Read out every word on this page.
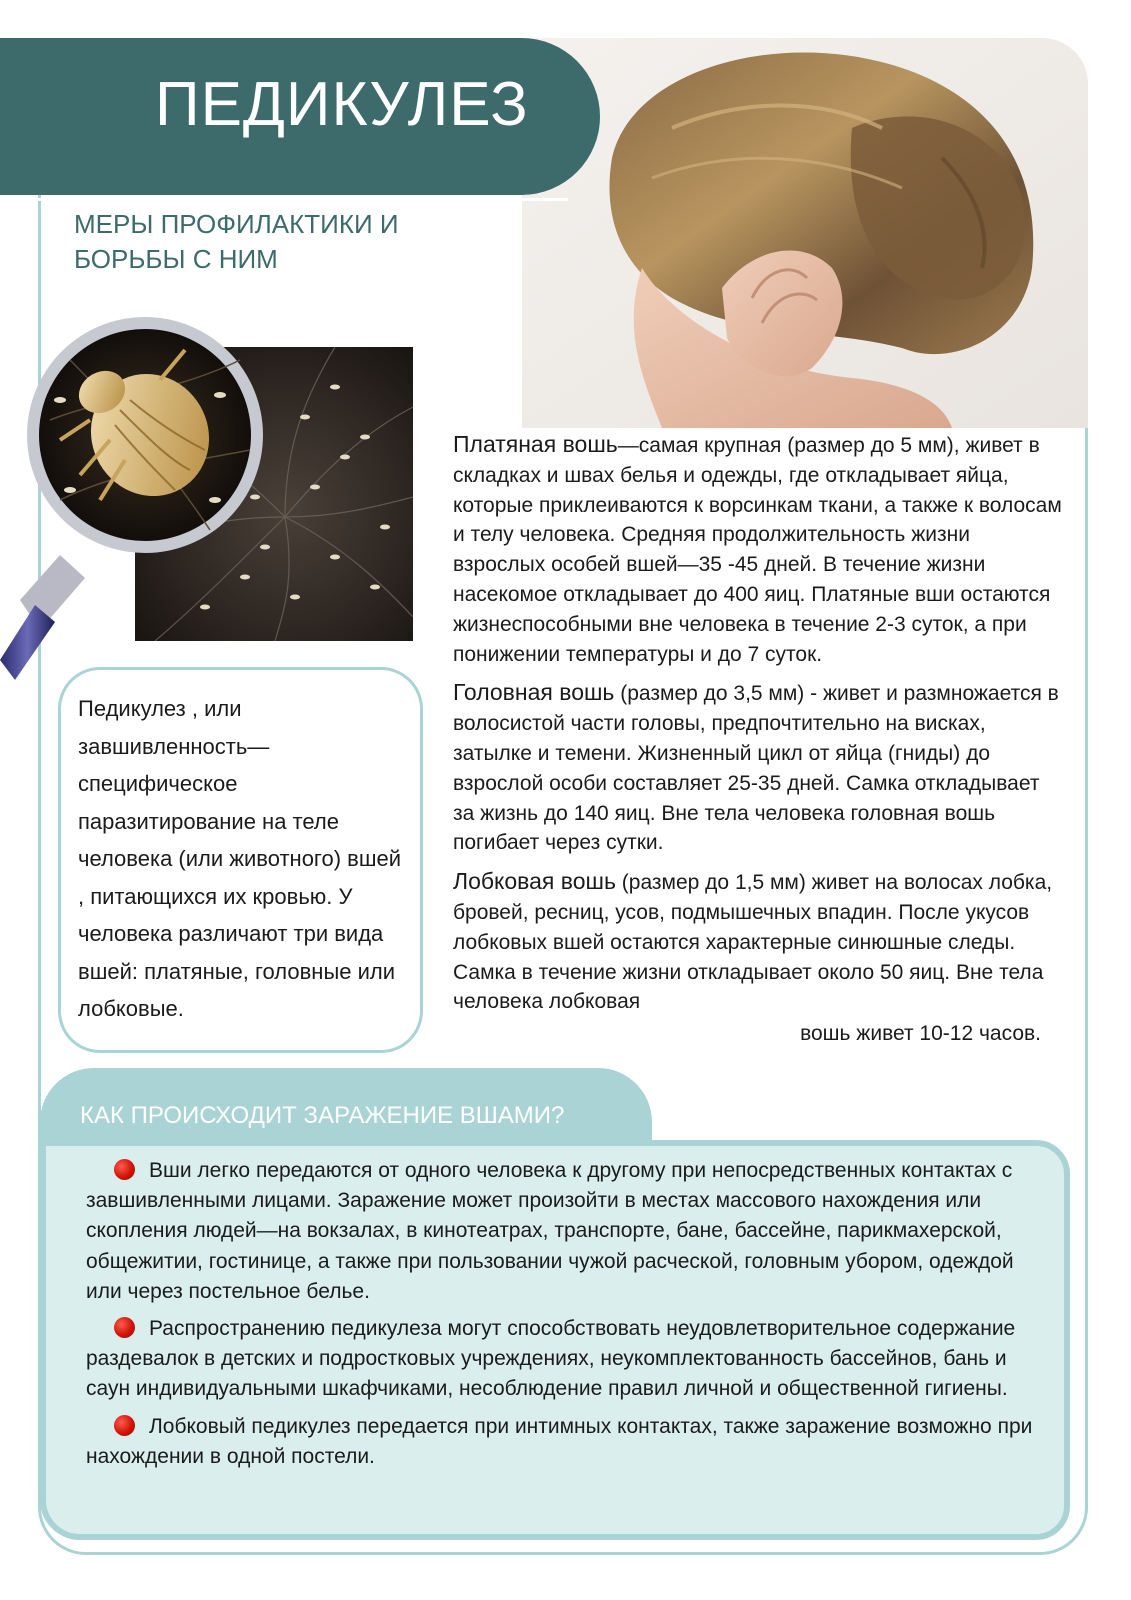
ПЕДИКУЛЕЗ
МЕРЫ ПРОФИЛАКТИКИ И БОРЬБЫ С НИМ
Педикулез , или завшивленность—специфическое паразитирование на теле человека (или животного) вшей , питающихся их кровью. У человека различают три вида вшей: платяные, головные или лобковые.

Платяная вошь—самая крупная (размер до 5 мм), живет в складках и швах белья и одежды, где откладывает яйца, которые приклеиваются к ворсинкам ткани, а также к волосам и телу человека. Средняя продолжительность жизни взрослых особей вшей—35 -45 дней. В течение жизни насекомое откладывает до 400 яиц. Платяные вши остаются жизнеспособными вне человека в течение 2-3 суток, а при понижении температуры и до 7 суток.

Головная вошь (размер до 3,5 мм) - живет и размножается в волосистой части головы, предпочтительно на висках, затылке и темени. Жизненный цикл от яйца (гниды) до взрослой особи составляет 25-35 дней. Самка откладывает за жизнь до 140 яиц. Вне тела человека головная вошь погибает через сутки.

Лобковая вошь (размер до 1,5 мм) живет на волосах лобка, бровей, ресниц, усов, подмышечных впадин. После укусов лобковых вшей остаются характерные синюшные следы. Самка в течение жизни откладывает около 50 яиц. Вне тела человека лобковая

вошь живет 10-12 часов.

КАК ПРОИСХОДИТ ЗАРАЖЕНИЕ ВШАМИ?

Вши легко передаются от одного человека к другому при непосредственных контактах с завшивленными лицами. Заражение может произойти в местах массового нахождения или скопления людей—на вокзалах, в кинотеатрах, транспорте, бане, бассейне, парикмахерской, общежитии, гостинице, а также при пользовании чужой расческой, головным убором, одеждой или через постельное белье.

Распространению педикулеза могут способствовать неудовлетворительное содержание раздевалок в детских и подростковых учреждениях, неукомплектованность бассейнов, бань и саун индивидуальными шкафчиками, несоблюдение правил личной и общественной гигиены.

Лобковый педикулез передается при интимных контактах, также заражение возможно при нахождении в одной постели.
